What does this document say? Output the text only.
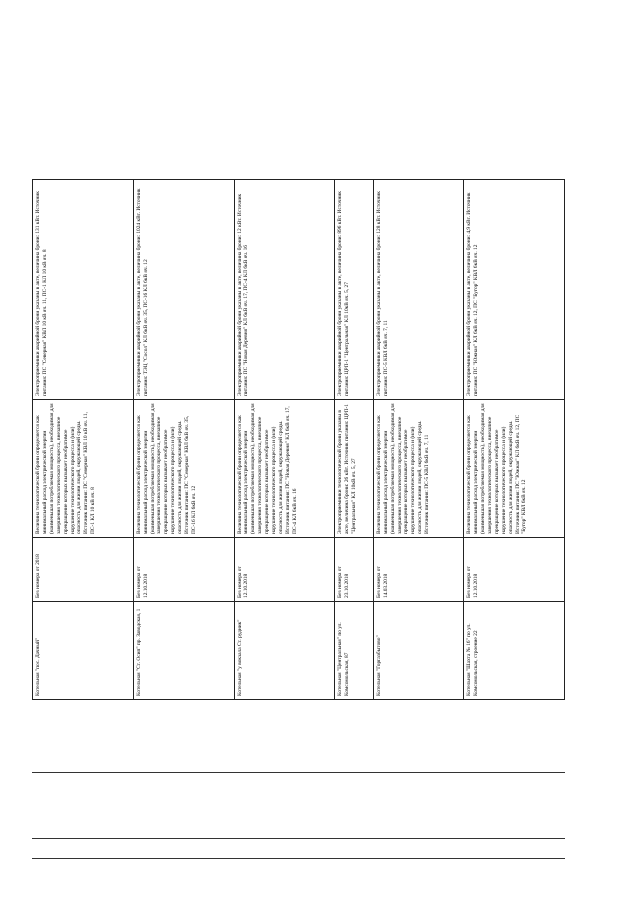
Котельная "пос. Дачный"	Без номера от 2018	Величина технологической брони определяется как минимальный расход электрической энергии (наименьшая потребляемая мощность), необходимая для завершения технологического процесса, внезапное прекращение которых вызывает необратимое нарушение технологического процесса и (или) опасность для жизни людей, окружающей среды. Источник питания: ПС "Северная" КВЛ 10 кВ яч. 11, ПС-1 КЛ 10 кВ яч. 8	Электроприемники аварийной брони указаны в акте, величина брони: 131 кВт. Источник питания: ПС "Северная" КВЛ 10 кВ яч. 11, ПС-1 КЛ 10 кВ яч. 8
Котельная "Ст. Осип" пр. Заводская, 1	Без номера от 12.10.2018	Величина технологической брони определяется как минимальный расход электрической энергии (наименьшая потребляемая мощность), необходимая для завершения технологического процесса, внезапное прекращение которых вызывает необратимое нарушение технологического процесса и (или) опасность для жизни людей, окружающей среды. Источник питания: ПС "Северная" КВЛ 6кВ яч. 35, ПС-16 КЛ 6кВ яч. 12	Электроприемники аварийной брони указаны в акте, величина брони: 1024 кВт. Источник питания: ТЭЦ "Сосол" КЛ 6кВ яч. 35, ПС-16 КЛ 6кВ яч. 12
Котельная "у вокзала Ст. рудник"	Без номера от 12.10.2018	Величина технологической брони определяется как минимальный расход электрической энергии (наименьшая потребляемая мощность), необходимая для завершения технологического процесса, внезапное прекращение которых вызывает необратимое нарушение технологического процесса и (или) опасность для жизни людей, окружающей среды. Источник питания: ПС "Новая Деревня" КЛ 6кВ яч. 17, ПС-4 КЛ 6кВ яч. 16	Электроприемники аварийной брони указаны в акте, величина брони: 12 кВт. Источник питания: ПС "Новая Деревня" КЛ 6кВ яч. 17, ПС-4 КЛ 6кВ яч. 16
Котельная "Центральная" по ул. Комсомольская, 87	Без номера от 23.10.2018	Электроприемники технологической брони указаны в акте, величина брони: 26 кВт. Источник питания: ЦРП-1 "Центральная" КЛ 10кВ яч. 5, 27	Электроприемники аварийной брони указаны в акте, величина брони: 896 кВт. Источник питания: ЦРП-1 "Центральная" КЛ 10кВ яч. 5, 27
Котельная "Горгазбытово"	Без номера от 14.03.2018	Величина технологической брони определяется как минимальный расход электрической энергии (наименьшая потребляемая мощность), необходимая для завершения технологического процесса, внезапное прекращение которых вызывает необратимое нарушение технологического процесса и (или) опасность для жизни людей, окружающей среды. Источник питания: ПС-5 КВЛ 6кВ яч. 7, 11	Электроприемники аварийной брони указаны в акте, величина брони: 128 кВт. Источник питания: ПС-5 КВЛ 6кВ яч. 7, 11
Котельная "Шахта № 16" по ул. Комсомольская, строение 22	Без номера от 12.10.2018	Величина технологической брони определяется как минимальный расход электрической энергии (наименьшая потребляемая мощность), необходимая для завершения технологического процесса, внезапное прекращение которых вызывает необратимое нарушение технологического процесса и (или) опасность для жизни людей, окружающей среды. Источник питания: ПС "Южная" КЛ 6кВ яч. 12, ПС "Бугор" КВЛ 6кВ яч. 12	Электроприемники аварийной брони указаны в акте, величина брони: 4,9 кВт. Источник питания: ПС "Южная" КЛ 6кВ яч. 12, ПС "Бугор" КВЛ 6кВ яч. 12
